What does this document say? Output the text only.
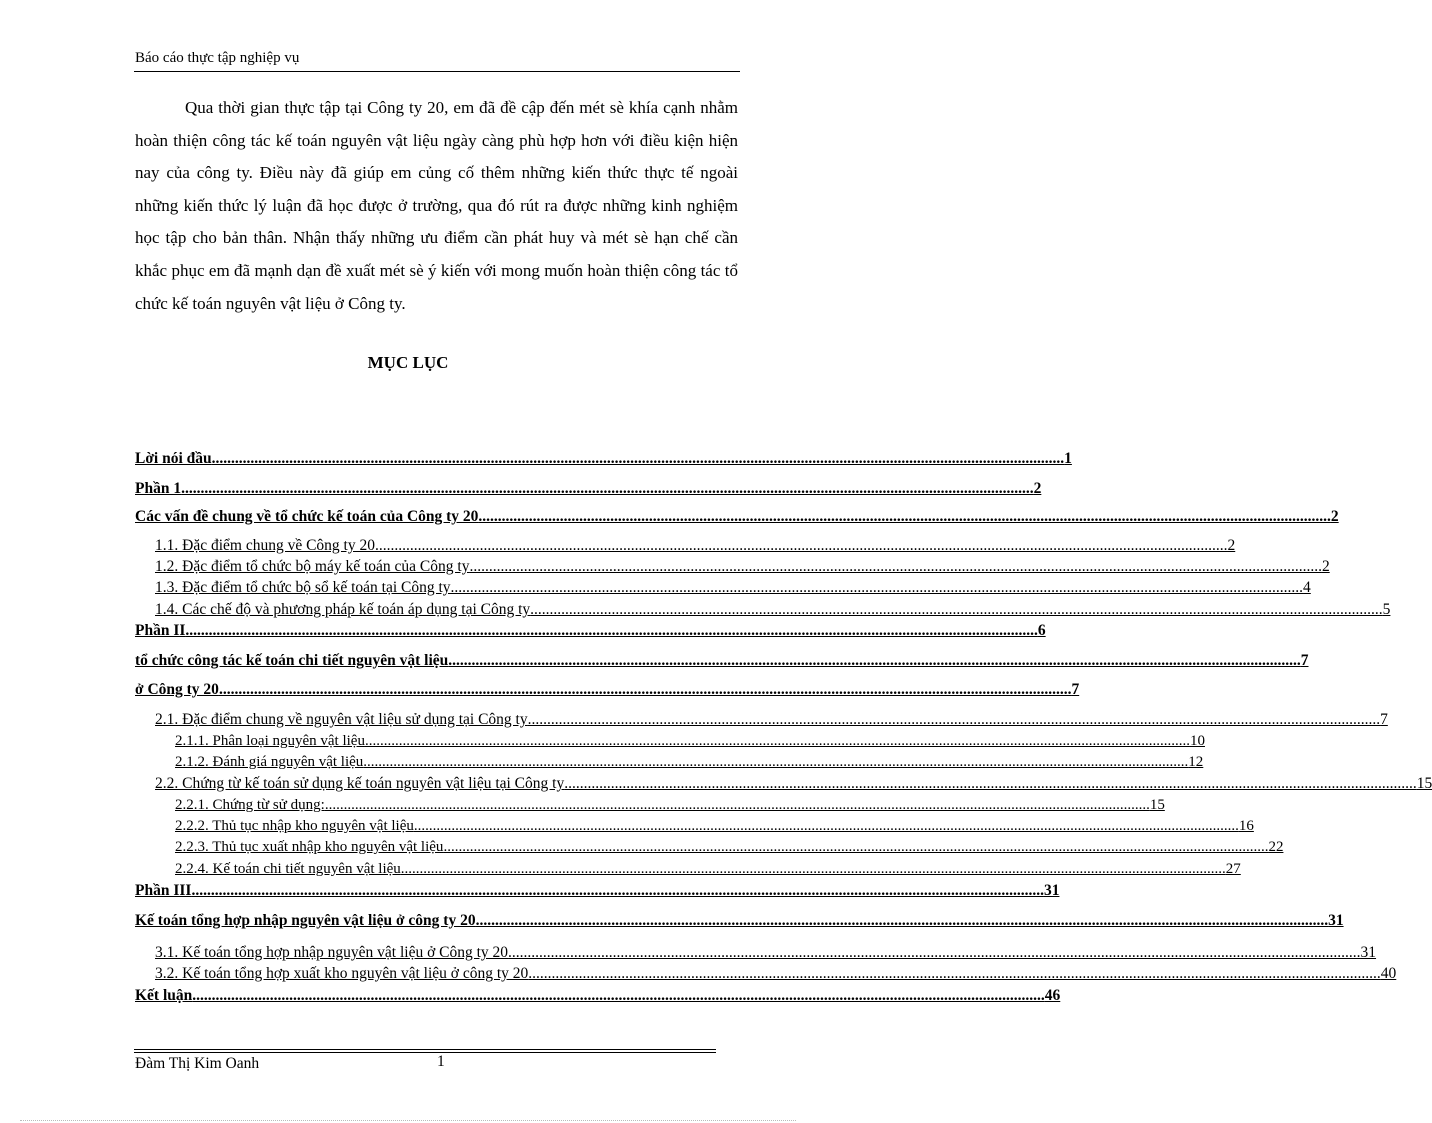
Báo cáo thực tập nghiệp vụ

Qua thời gian thực tập tại Công ty 20, em đã đề cập đến mét sè khía cạnh nhằm hoàn thiện công tác kế toán nguyên vật liệu ngày càng phù hợp hơn với điều kiện hiện nay của công ty. Điều này đã giúp em củng cố thêm những kiến thức thực tế ngoài những kiến thức lý luận đã học được ở trường, qua đó rút ra được những kinh nghiệm học tập cho bản thân. Nhận thấy những ưu điểm cần phát huy và mét sè hạn chế cần khắc phục em đã mạnh dạn đề xuất mét sè ý kiến với mong muốn hoàn thiện công tác tổ chức kế toán nguyên vật liệu ở Công ty.

MỤC LỤC
Lời nói đầu ............................................................................................................................................................................................................................ 1
Phần 1 ............................................................................................................................................................................................................................ 2
Các vấn đề chung về tổ chức kế toán của Công ty 20 ............................................................................................................................................................................................................................ 2
1.1. Đặc điểm chung về Công ty 20 ............................................................................................................................................................................................................................ 2
1.2. Đặc điểm tổ chức bộ máy kế toán của Công ty ............................................................................................................................................................................................................................ 2
1.3. Đặc điểm tổ chức bộ sổ kế toán tại Công ty ............................................................................................................................................................................................................................ 4
1.4. Các chế độ và phương pháp kế toán áp dụng tại Công ty ............................................................................................................................................................................................................................ 5
Phần II ............................................................................................................................................................................................................................ 6
tổ chức công tác kế toán chi tiết nguyên vật liệu ............................................................................................................................................................................................................................ 7
ở Công ty 20 ............................................................................................................................................................................................................................ 7
2.1. Đặc điểm chung về nguyên vật liệu sử dụng tại Công ty ............................................................................................................................................................................................................................ 7
2.1.1. Phân loại nguyên vật liệu ............................................................................................................................................................................................................................ 10
2.1.2. Đánh giá nguyên vật liệu ............................................................................................................................................................................................................................ 12
2.2. Chứng từ kế toán sử dụng kế toán nguyên vật liệu tại Công ty ............................................................................................................................................................................................................................ 15
2.2.1. Chứng từ sử dụng: ............................................................................................................................................................................................................................ 15
2.2.2. Thủ tục nhập kho nguyên vật liệu ............................................................................................................................................................................................................................ 16
2.2.3. Thủ tục xuất nhập kho nguyên vật liệu ............................................................................................................................................................................................................................ 22
2.2.4. Kế toán chi tiết nguyên vật liệu ............................................................................................................................................................................................................................ 27
Phần III ............................................................................................................................................................................................................................ 31
Kế toán tổng hợp nhập nguyên vật liệu ở công ty 20 ............................................................................................................................................................................................................................ 31
3.1. Kế toán tổng hợp nhập nguyên vật liệu ở Công ty 20 ............................................................................................................................................................................................................................ 31
3.2. Kế toán tổng hợp xuất kho nguyên vật liệu ở công ty 20 ............................................................................................................................................................................................................................ 40
Kết luận ............................................................................................................................................................................................................................ 46
Đàm Thị Kim Oanh	1
